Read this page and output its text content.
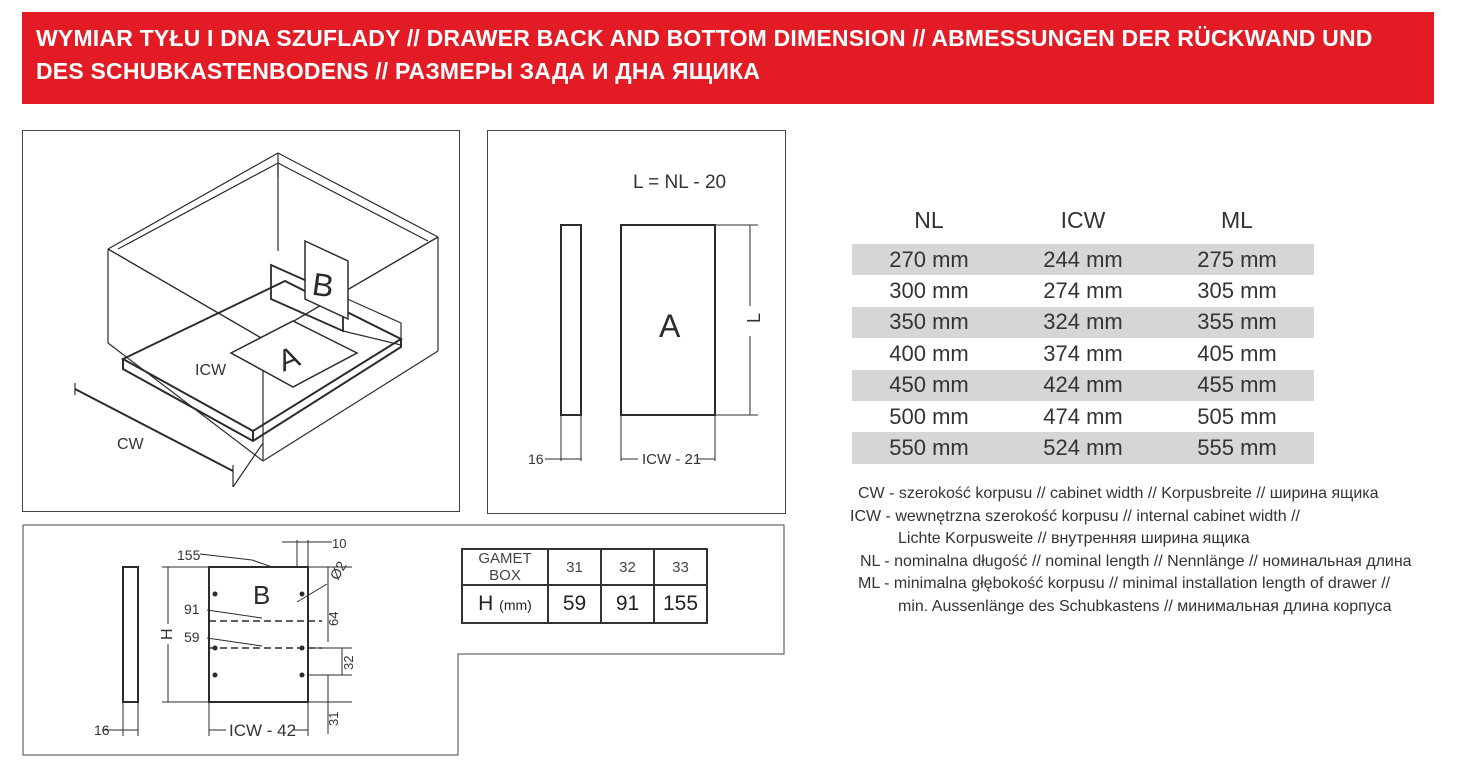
WYMIAR TYŁU I DNA SZUFLADY // DRAWER BACK AND BOTTOM DIMENSION // ABMESSUNGEN DER RÜCKWAND UND
DES SCHUBKASTENBODENS // РАЗМЕРЫ ЗАДА И ДНА ЯЩИКА
B
A
ICW
CW
L = NL - 20
A	L
16	ICW - 21
B
155
91
59
H
10
Ø2
64
32
31
16	ICW - 42
GAMET BOX	31	32	33
H (mm)	59	91	155
NL	ICW	ML
270 mm	244 mm	275 mm
300 mm	274 mm	305 mm
350 mm	324 mm	355 mm
400 mm	374 mm	405 mm
450 mm	424 mm	455 mm
500 mm	474 mm	505 mm
550 mm	524 mm	555 mm
CW - szerokość korpusu // cabinet width // Korpusbreite // ширина ящика
ICW - wewnętrzna szerokość korpusu // internal cabinet width //
Lichte Korpusweite // внутренняя ширина ящика
NL - nominalna długość // nominal length // Nennlänge // номинальная длина
ML - minimalna głębokość korpusu // minimal installation length of drawer //
min. Aussenlänge des Schubkastens // минимальная длина корпуса
